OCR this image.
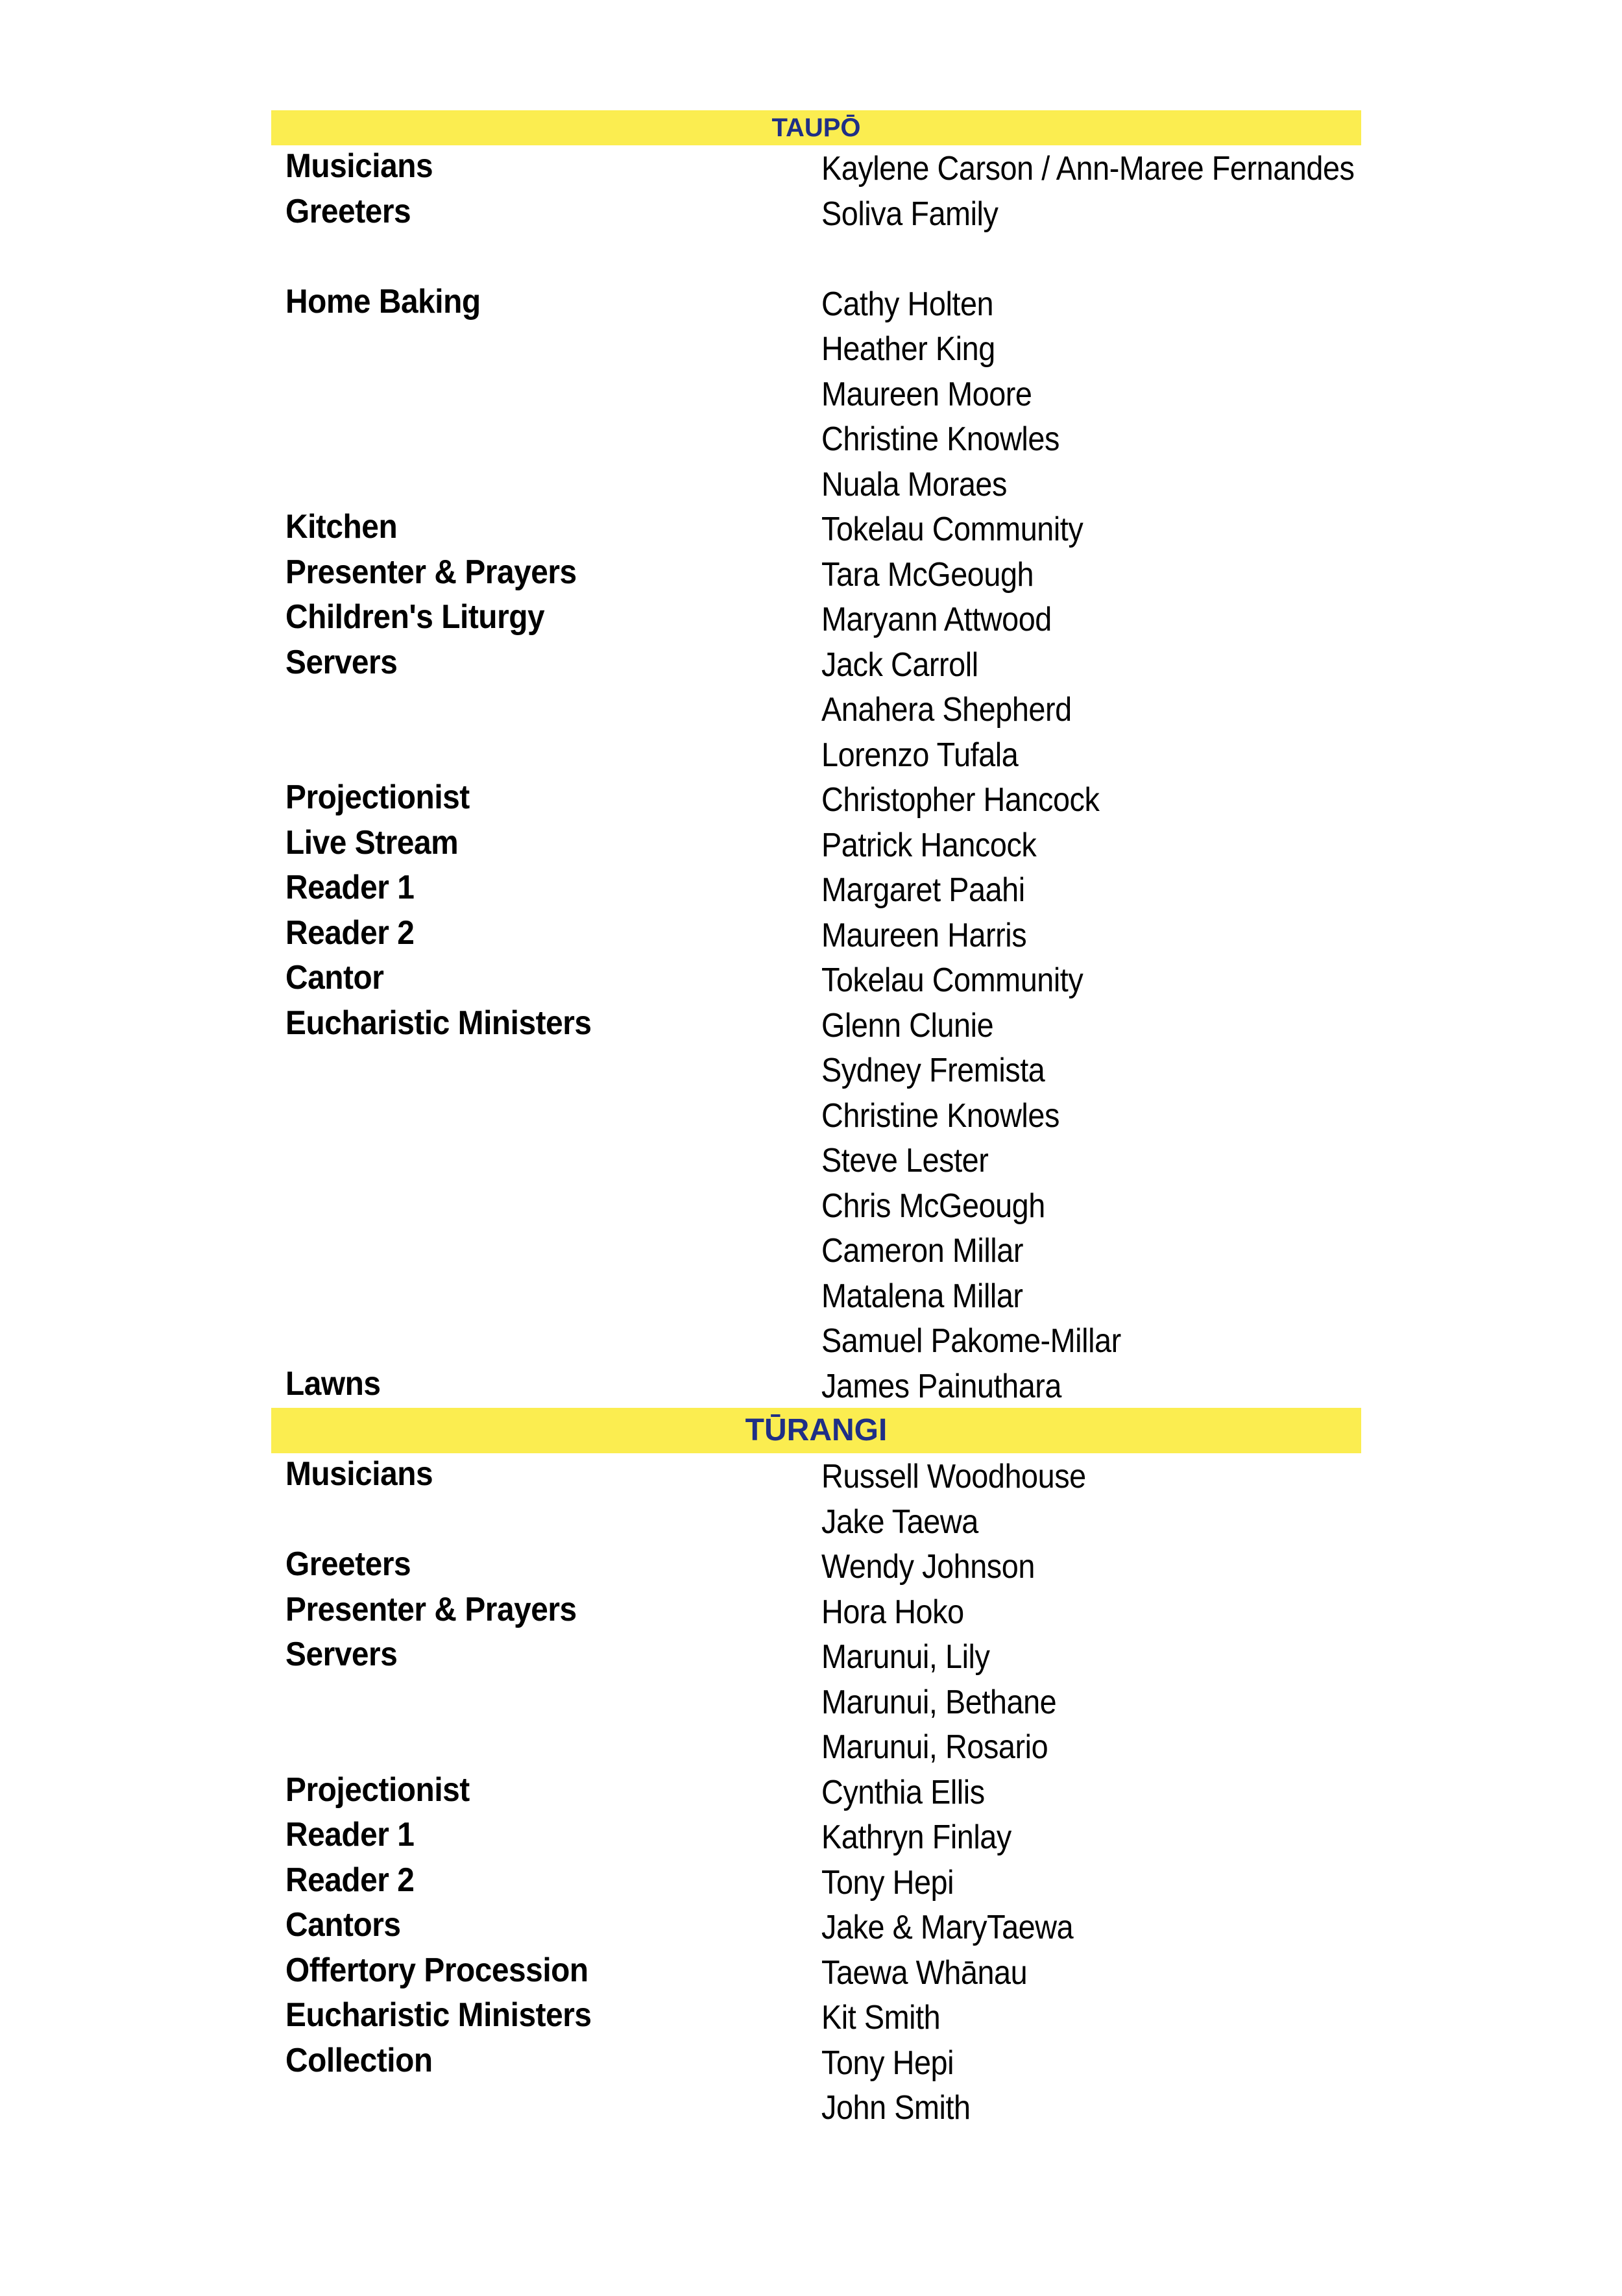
TAUPŌ
Musicians	Kaylene Carson / Ann-Maree Fernandes
Greeters	Soliva Family
Home Baking	Cathy Holten
Heather King
Maureen Moore
Christine Knowles
Nuala Moraes
Kitchen	Tokelau Community
Presenter & Prayers	Tara McGeough
Children's Liturgy	Maryann Attwood
Servers	Jack Carroll
Anahera Shepherd
Lorenzo Tufala
Projectionist	Christopher Hancock
Live Stream	Patrick Hancock
Reader 1	Margaret Paahi
Reader 2	Maureen Harris
Cantor	Tokelau Community
Eucharistic Ministers	Glenn Clunie
Sydney Fremista
Christine Knowles
Steve Lester
Chris McGeough
Cameron Millar
Matalena Millar
Samuel Pakome-Millar
Lawns	James Painuthara
TŪRANGI
Musicians	Russell Woodhouse
Jake Taewa
Greeters	Wendy Johnson
Presenter & Prayers	Hora Hoko
Servers	Marunui, Lily
Marunui, Bethane
Marunui, Rosario
Projectionist	Cynthia Ellis
Reader 1	Kathryn Finlay
Reader 2	Tony Hepi
Cantors	Jake & MaryTaewa
Offertory Procession	Taewa Whānau
Eucharistic Ministers	Kit Smith
Collection	Tony Hepi
John Smith
